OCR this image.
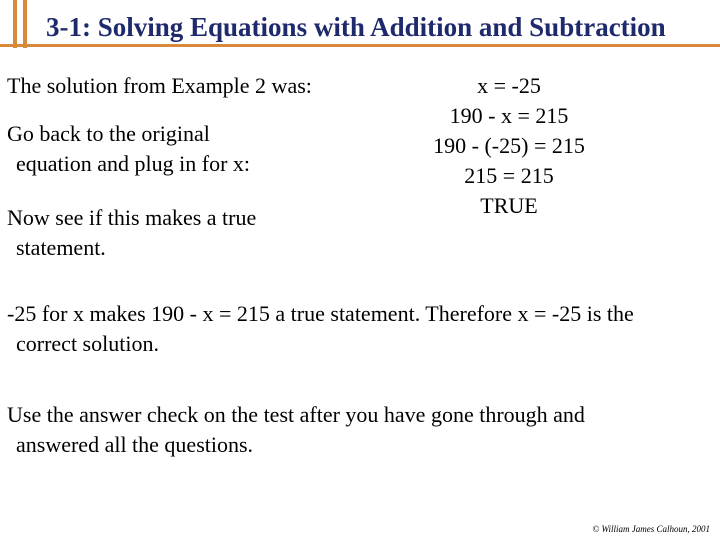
3-1: Solving Equations with Addition and Subtraction
The solution from Example 2 was:
Go back to the original
equation and plug in for x:
Now see if this makes a true
statement.
x = -25
190 - x = 215
190 - (-25) = 215
215 = 215
TRUE
-25 for x makes 190 - x = 215 a true statement. Therefore x = -25 is the
correct solution.
Use the answer check on the test after you have gone through and
answered all the questions.
© William James Calhoun, 2001
